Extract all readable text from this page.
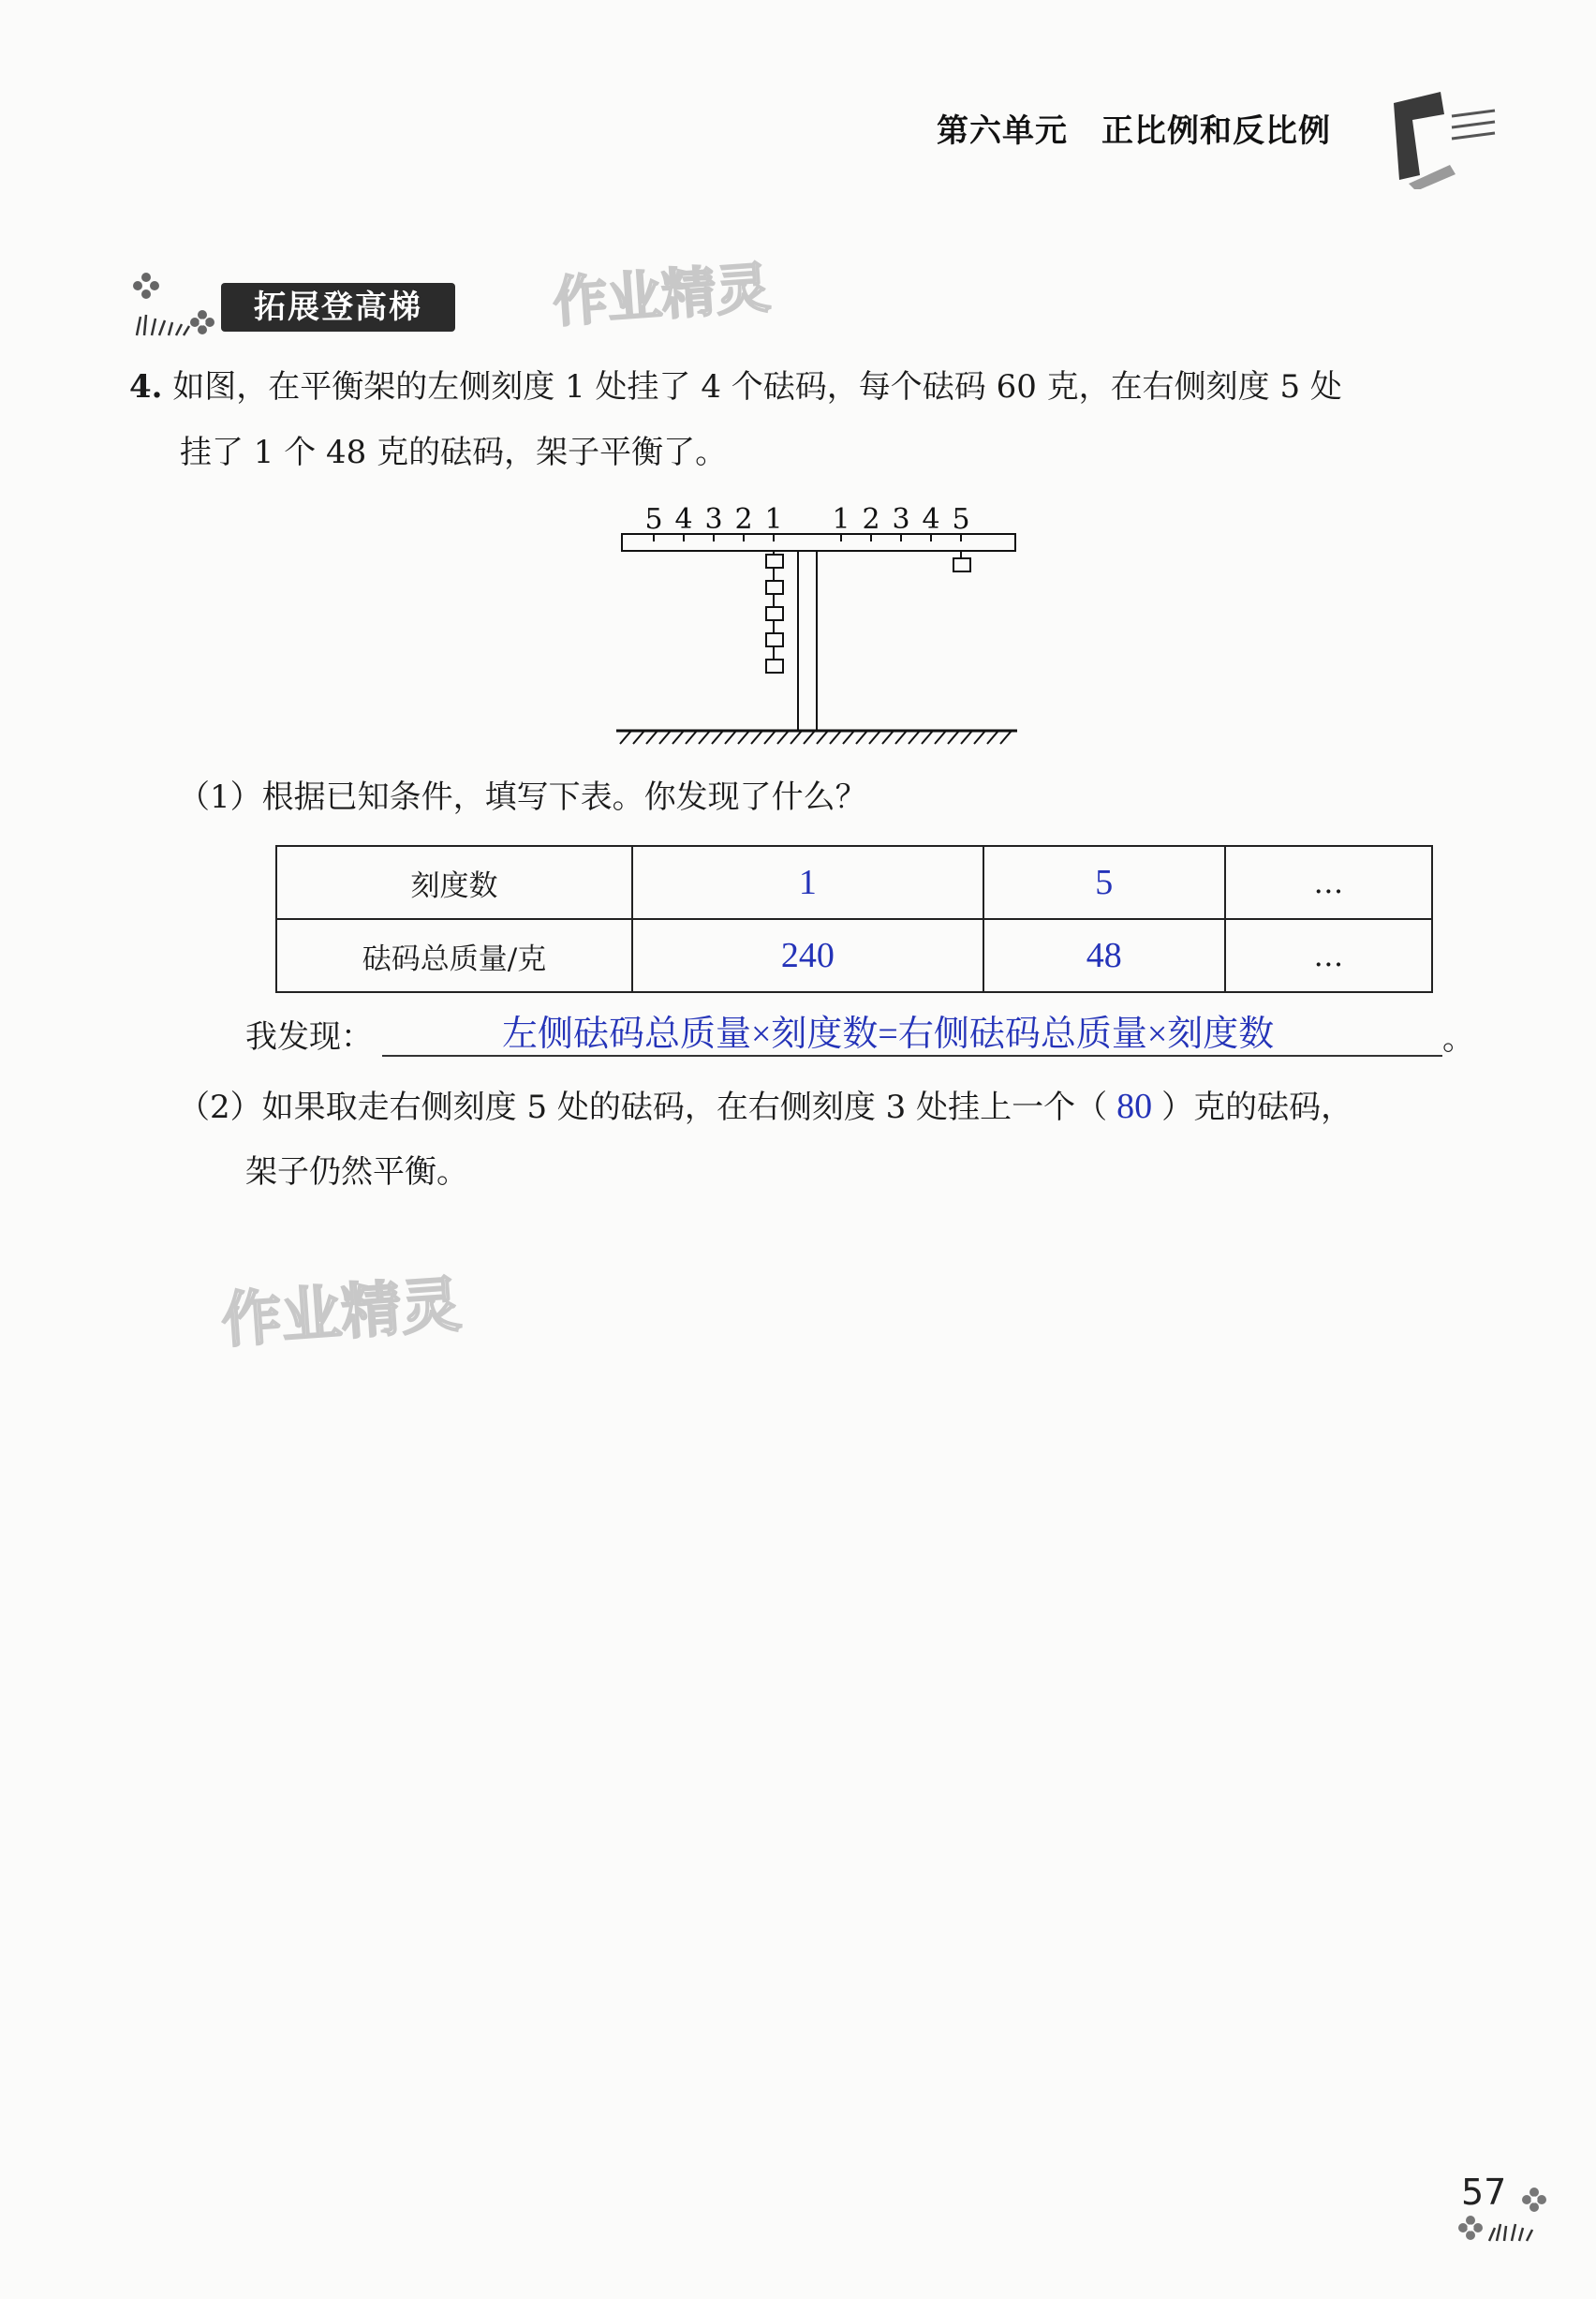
第六单元 正比例和反比例
拓展登高梯	作业精灵
作业精灵
4. 如图，在平衡架的左侧刻度 1 处挂了 4 个砝码，每个砝码 60 克，在右侧刻度 5 处
挂了 1 个 48 克的砝码，架子平衡了。
5 4 3 2 1 1 2 3 4 5
（1）根据已知条件，填写下表。你发现了什么？
刻度数	1	5	…
砝码总质量/克	240	48	…
我发现：	左侧砝码总质量×刻度数=右侧砝码总质量×刻度数	。
（2）如果取走右侧刻度 5 处的砝码，在右侧刻度 3 处挂上一个（ 80 ）克的砝码，
架子仍然平衡。
57
